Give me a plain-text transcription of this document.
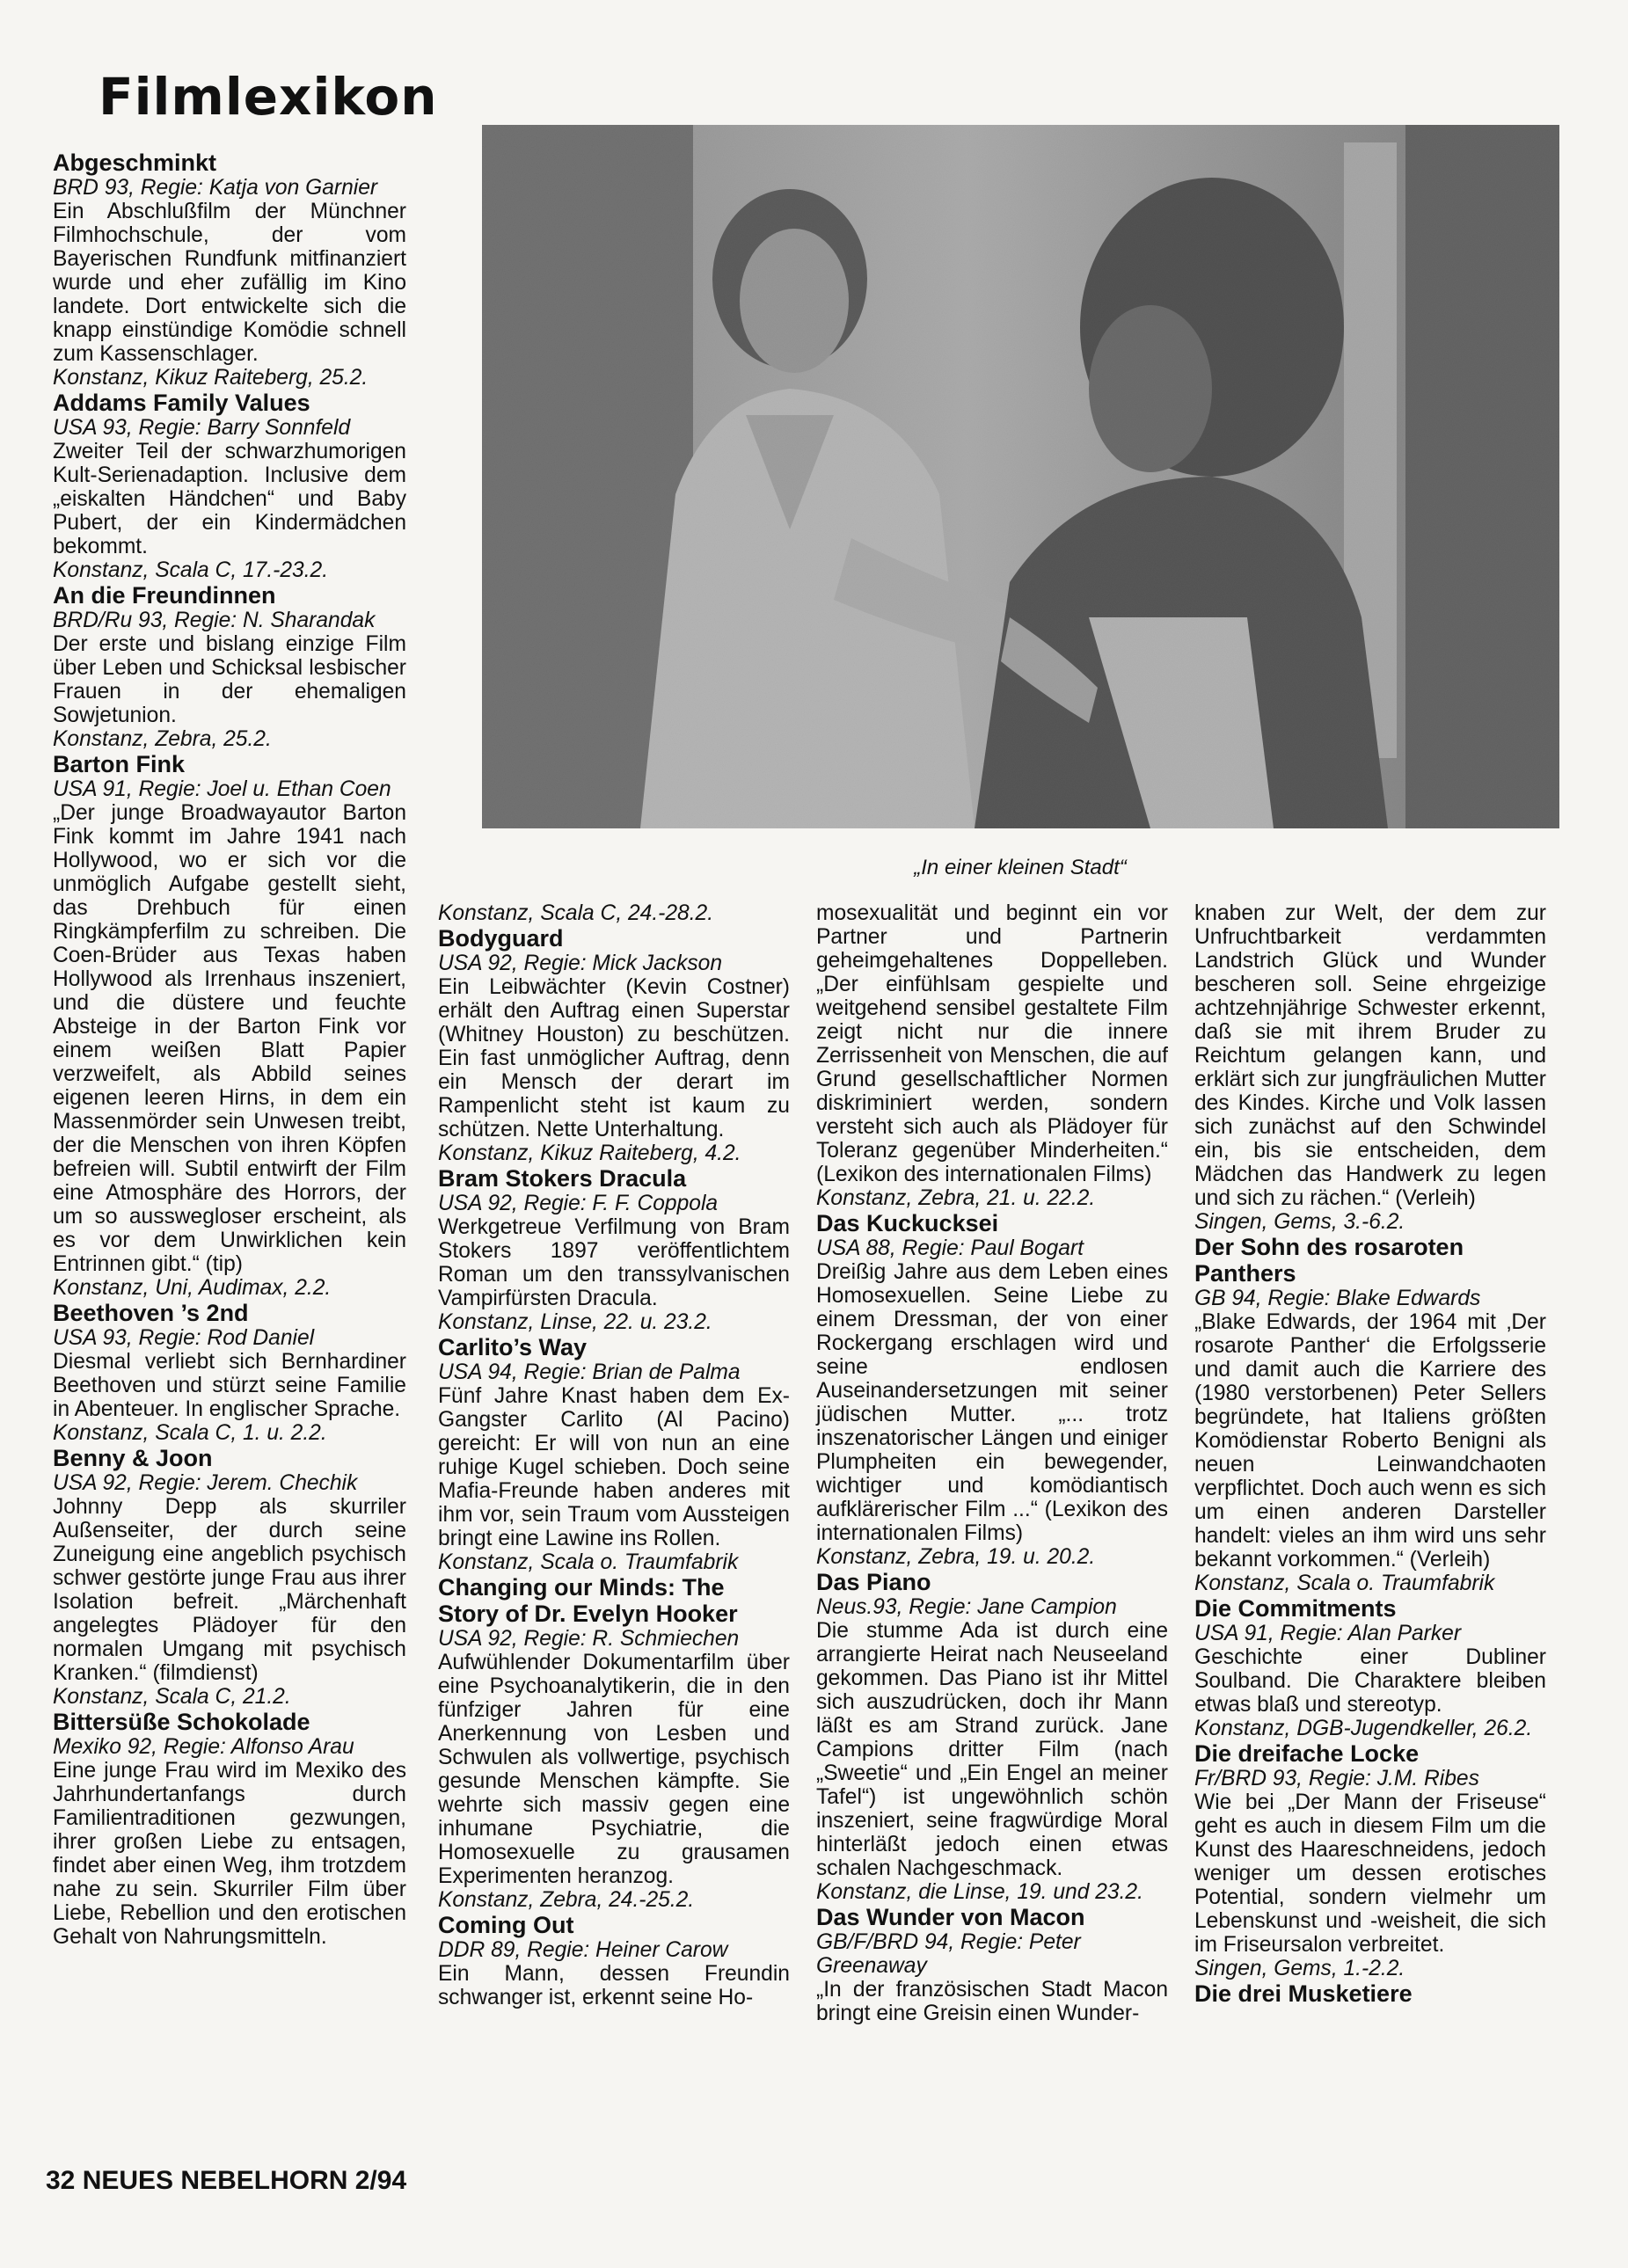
Filmlexikon
„In einer kleinen Stadt“
Abgeschminkt
BRD 93, Regie: Katja von Garnier
Ein Abschlußfilm der Münchner Filmhochschule, der vom Bayerischen Rundfunk mitfinanziert wurde und eher zufällig im Kino landete. Dort entwickelte sich die knapp einstündige Komödie schnell zum Kassenschlager.
Konstanz, Kikuz Raiteberg, 25.2.
Addams Family Values
USA 93, Regie: Barry Sonnfeld
Zweiter Teil der schwarzhumorigen Kult-Serienadaption. Inclusive dem „eiskalten Händchen“ und Baby Pubert, der ein Kindermädchen bekommt.
Konstanz, Scala C, 17.-23.2.
An die Freundinnen
BRD/Ru 93, Regie: N. Sharandak
Der erste und bislang einzige Film über Leben und Schicksal lesbischer Frauen in der ehemaligen Sowjetunion.
Konstanz, Zebra, 25.2.
Barton Fink
USA 91, Regie: Joel u. Ethan Coen
„Der junge Broadwayautor Barton Fink kommt im Jahre 1941 nach Hollywood, wo er sich vor die unmöglich Aufgabe gestellt sieht, das Drehbuch für einen Ringkämpferfilm zu schreiben. Die Coen-Brüder aus Texas haben Hollywood als Irrenhaus inszeniert, und die düstere und feuchte Absteige in der Barton Fink vor einem weißen Blatt Papier verzweifelt, als Abbild seines eigenen leeren Hirns, in dem ein Massenmörder sein Unwesen treibt, der die Menschen von ihren Köpfen befreien will. Subtil entwirft der Film eine Atmosphäre des Horrors, der um so ausswegloser erscheint, als es vor dem Unwirklichen kein Entrinnen gibt.“ (tip)
Konstanz, Uni, Audimax, 2.2.
Beethoven ’s 2nd
USA 93, Regie: Rod Daniel
Diesmal verliebt sich Bernhardiner Beethoven und stürzt seine Familie in Abenteuer. In englischer Sprache.
Konstanz, Scala C, 1. u. 2.2.
Benny & Joon
USA 92, Regie: Jerem. Chechik
Johnny Depp als skurriler Außenseiter, der durch seine Zuneigung eine angeblich psychisch schwer gestörte junge Frau aus ihrer Isolation befreit. „Märchenhaft angelegtes Plädoyer für den normalen Umgang mit psychisch Kranken.“ (filmdienst)
Konstanz, Scala C, 21.2.
Bittersüße Schokolade
Mexiko 92, Regie: Alfonso Arau
Eine junge Frau wird im Mexiko des Jahrhundertanfangs durch Familientraditionen gezwungen, ihrer großen Liebe zu entsagen, findet aber einen Weg, ihm trotzdem nahe zu sein. Skurriler Film über Liebe, Rebellion und den erotischen Gehalt von Nahrungsmitteln.
Konstanz, Scala C, 24.-28.2.
Bodyguard
USA 92, Regie: Mick Jackson
Ein Leibwächter (Kevin Costner) erhält den Auftrag einen Superstar (Whitney Houston) zu beschützen. Ein fast unmöglicher Auftrag, denn ein Mensch der derart im Rampenlicht steht ist kaum zu schützen. Nette Unterhaltung.
Konstanz, Kikuz Raiteberg, 4.2.
Bram Stokers Dracula
USA 92, Regie: F. F. Coppola
Werkgetreue Verfilmung von Bram Stokers 1897 veröffentlichtem Roman um den transsylvanischen Vampirfürsten Dracula.
Konstanz, Linse, 22. u. 23.2.
Carlito’s Way
USA 94, Regie: Brian de Palma
Fünf Jahre Knast haben dem Ex-Gangster Carlito (Al Pacino) gereicht: Er will von nun an eine ruhige Kugel schieben. Doch seine Mafia-Freunde haben anderes mit ihm vor, sein Traum vom Aussteigen bringt eine Lawine ins Rollen.
Konstanz, Scala o. Traumfabrik
Changing our Minds: The Story of Dr. Evelyn Hooker
USA 92, Regie: R. Schmiechen
Aufwühlender Dokumentarfilm über eine Psychoanalytikerin, die in den fünfziger Jahren für eine Anerkennung von Lesben und Schwulen als vollwertige, psychisch gesunde Menschen kämpfte. Sie wehrte sich massiv gegen eine inhumane Psychiatrie, die Homosexuelle zu grausamen Experimenten heranzog.
Konstanz, Zebra, 24.-25.2.
Coming Out
DDR 89, Regie: Heiner Carow
Ein Mann, dessen Freundin schwanger ist, erkennt seine Ho-
mosexualität und beginnt ein vor Partner und Partnerin geheimgehaltenes Doppelleben. „Der einfühlsam gespielte und weitgehend sensibel gestaltete Film zeigt nicht nur die innere Zerrissenheit von Menschen, die auf Grund gesellschaftlicher Normen diskriminiert werden, sondern versteht sich auch als Plädoyer für Toleranz gegenüber Minderheiten.“ (Lexikon des internationalen Films)
Konstanz, Zebra, 21. u. 22.2.
Das Kuckucksei
USA 88, Regie: Paul Bogart
Dreißig Jahre aus dem Leben eines Homosexuellen. Seine Liebe zu einem Dressman, der von einer Rockergang erschlagen wird und seine endlosen Auseinandersetzungen mit seiner jüdischen Mutter. „... trotz inszenatorischer Längen und einiger Plumpheiten ein bewegender, wichtiger und komödiantisch aufklärerischer Film ...“ (Lexikon des internationalen Films)
Konstanz, Zebra, 19. u. 20.2.
Das Piano
Neus.93, Regie: Jane Campion
Die stumme Ada ist durch eine arrangierte Heirat nach Neuseeland gekommen. Das Piano ist ihr Mittel sich auszudrücken, doch ihr Mann läßt es am Strand zurück. Jane Campions dritter Film (nach „Sweetie“ und „Ein Engel an meiner Tafel“) ist ungewöhnlich schön inszeniert, seine fragwürdige Moral hinterläßt jedoch einen etwas schalen Nachgeschmack.
Konstanz, die Linse, 19. und 23.2.
Das Wunder von Macon
GB/F/BRD 94, Regie: Peter Greenaway
„In der französischen Stadt Macon bringt eine Greisin einen Wunder-
knaben zur Welt, der dem zur Unfruchtbarkeit verdammten Landstrich Glück und Wunder bescheren soll. Seine ehrgeizige achtzehnjährige Schwester erkennt, daß sie mit ihrem Bruder zu Reichtum gelangen kann, und erklärt sich zur jungfräulichen Mutter des Kindes. Kirche und Volk lassen sich zunächst auf den Schwindel ein, bis sie entscheiden, dem Mädchen das Handwerk zu legen und sich zu rächen.“ (Verleih)
Singen, Gems, 3.-6.2.
Der Sohn des rosaroten Panthers
GB 94, Regie: Blake Edwards
„Blake Edwards, der 1964 mit ‚Der rosarote Panther‘ die Erfolgsserie und damit auch die Karriere des (1980 verstorbenen) Peter Sellers begründete, hat Italiens größten Komödienstar Roberto Benigni als neuen Leinwandchaoten verpflichtet. Doch auch wenn es sich um einen anderen Darsteller handelt: vieles an ihm wird uns sehr bekannt vorkommen.“ (Verleih)
Konstanz, Scala o. Traumfabrik
Die Commitments
USA 91, Regie: Alan Parker
Geschichte einer Dubliner Soulband. Die Charaktere bleiben etwas blaß und stereotyp.
Konstanz, DGB-Jugendkeller, 26.2.
Die dreifache Locke
Fr/BRD 93, Regie: J.M. Ribes
Wie bei „Der Mann der Friseuse“ geht es auch in diesem Film um die Kunst des Haareschneidens, jedoch weniger um dessen erotisches Potential, sondern vielmehr um Lebenskunst und -weisheit, die sich im Friseursalon verbreitet.
Singen, Gems, 1.-2.2.
Die drei Musketiere
32 NEUES NEBELHORN 2/94
